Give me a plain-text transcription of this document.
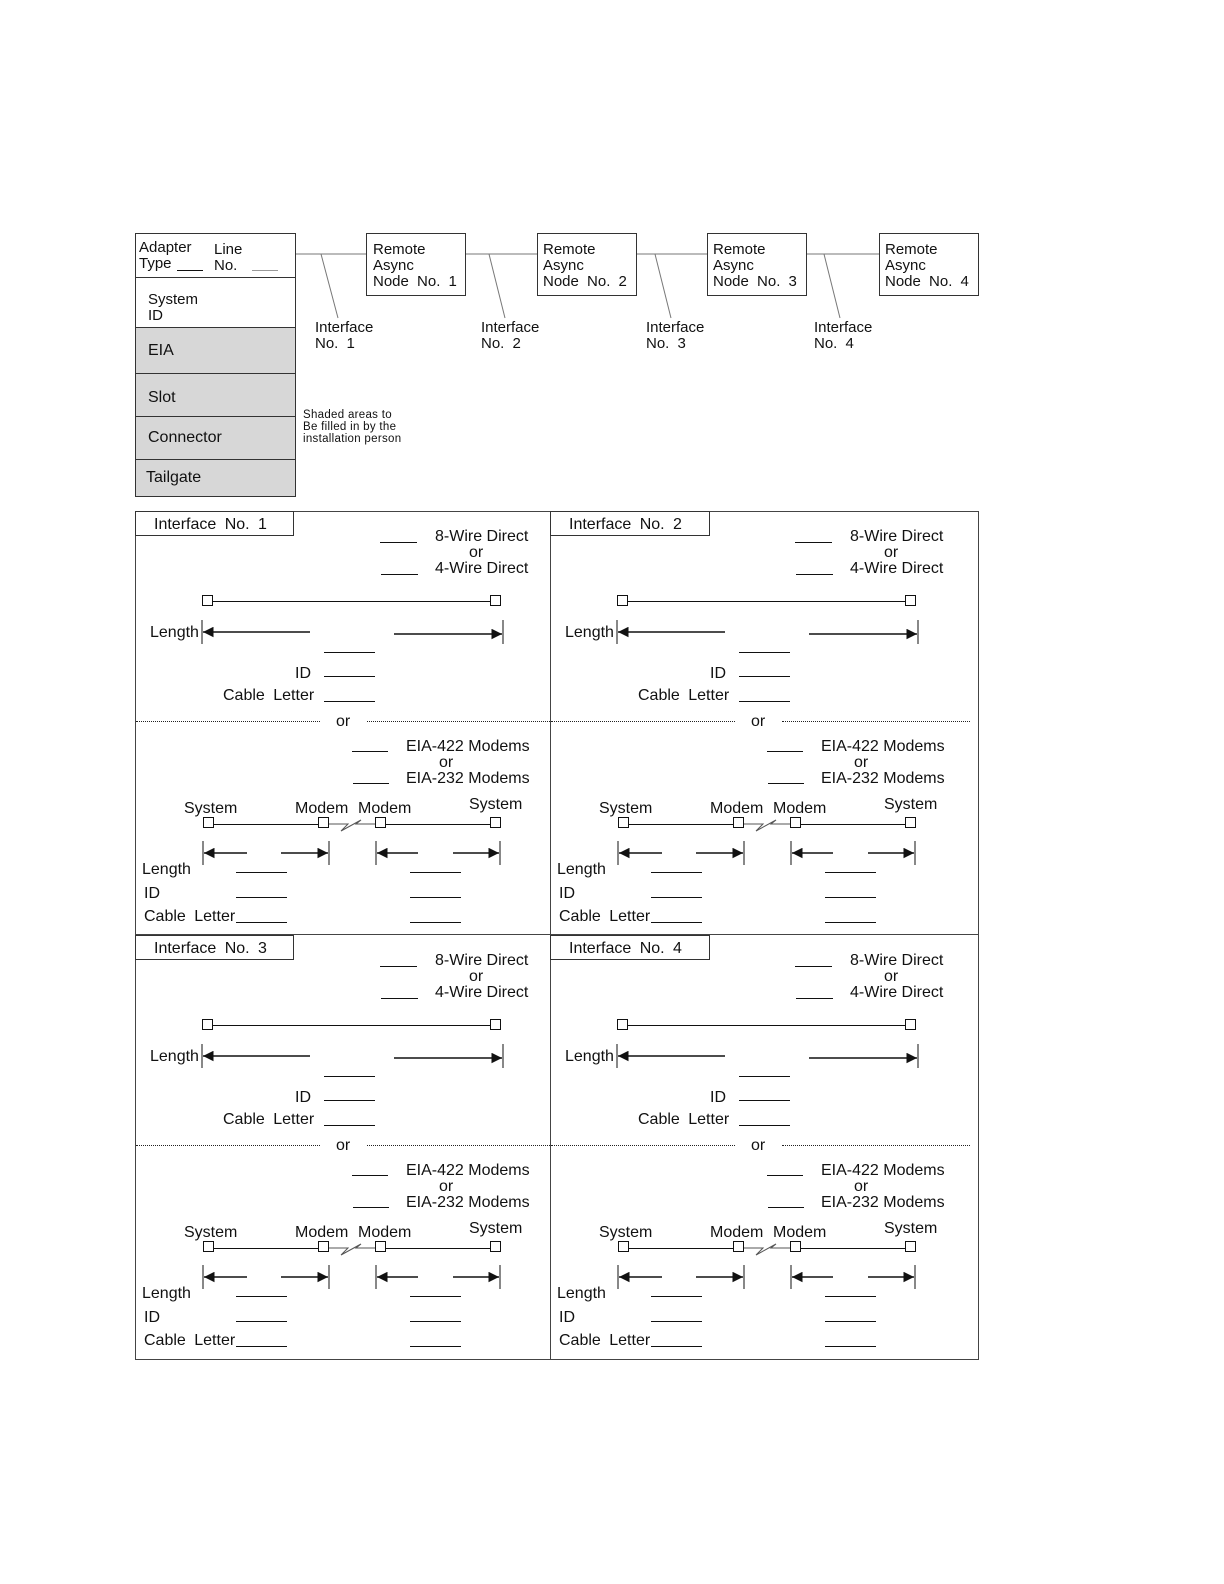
Adapter
Type
Line
No.
System
ID
EIA
Slot
Connector
Tailgate
Shaded areas to
Be filled in by the
installation person
Remote
Async
Node No. 1
Remote
Async
Node No. 2
Remote
Async
Node No. 3
Remote
Async
Node No. 4
Interface
No. 1
Interface
No. 2
Interface
No. 3
Interface
No. 4
Interface No. 1
8-Wire Direct
or
4-Wire Direct
Length
ID
Cable Letter
or
EIA-422 Modems
or
EIA-232 Modems
System	Modem Modem	System
Length
ID
Cable Letter
Interface No. 2
8-Wire Direct
or
4-Wire Direct
Length
ID
Cable Letter
or
EIA-422 Modems
or
EIA-232 Modems
System	Modem Modem	System
Length
ID
Cable Letter
Interface No. 3
8-Wire Direct
or
4-Wire Direct
Length
ID
Cable Letter
or
EIA-422 Modems
or
EIA-232 Modems
System	Modem Modem	System
Length
ID
Cable Letter
Interface No. 4
8-Wire Direct
or
4-Wire Direct
Length
ID
Cable Letter
or
EIA-422 Modems
or
EIA-232 Modems
System	Modem Modem	System
Length
ID
Cable Letter
